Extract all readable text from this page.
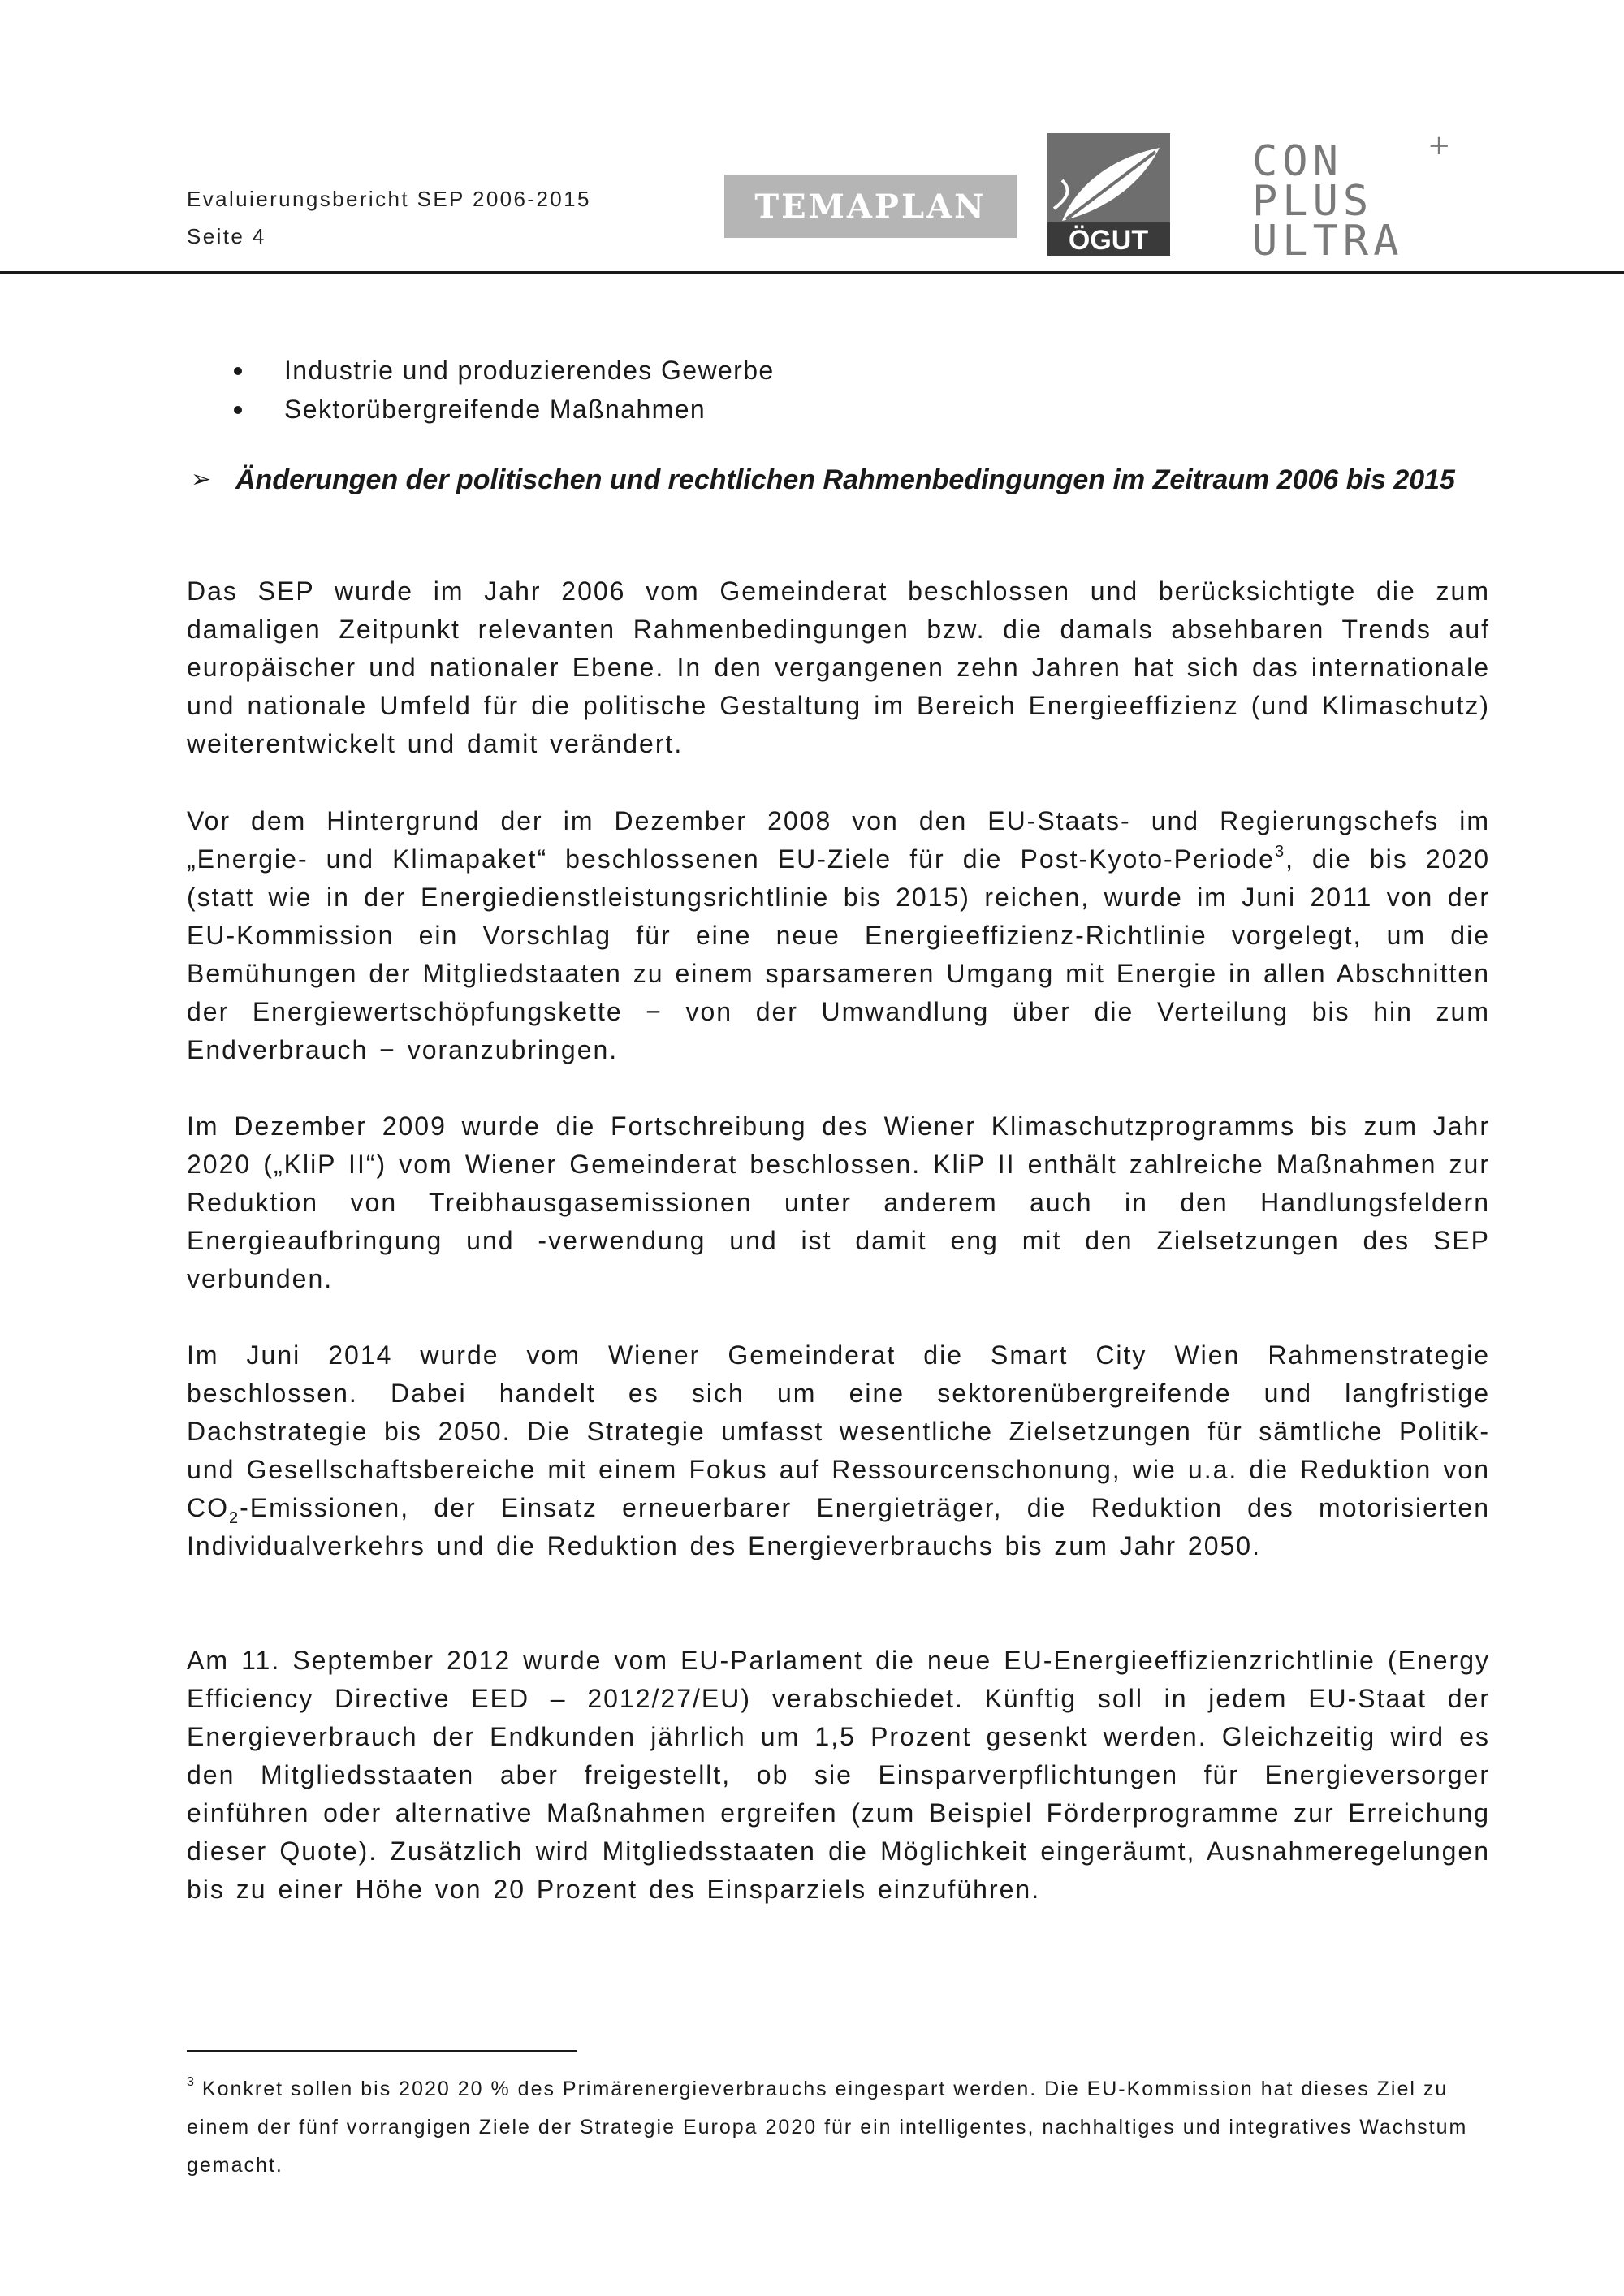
Evaluierungsbericht SEP 2006-2015
Seite 4
TEMAPLAN
ÖGUT
CON
PLUS
ULTRA
+
Industrie und produzierendes Gewerbe
Sektorübergreifende Maßnahmen
➢ Änderungen der politischen und rechtlichen Rahmenbedingungen im Zeitraum 2006 bis 2015

Das SEP wurde im Jahr 2006 vom Gemeinderat beschlossen und berücksichtigte die zum damaligen Zeitpunkt relevanten Rahmenbedingungen bzw. die damals absehbaren Trends auf europäischer und nationaler Ebene. In den vergangenen zehn Jahren hat sich das internationale und nationale Umfeld für die politische Gestaltung im Bereich Energieeffizienz (und Klimaschutz) weiterentwickelt und damit verändert.

Vor dem Hintergrund der im Dezember 2008 von den EU-Staats- und Regierungschefs im „Energie- und Klimapaket“ beschlossenen EU-Ziele für die Post-Kyoto-Periode$^3$, die bis 2020 (statt wie in der Energiedienstleistungsrichtlinie bis 2015) reichen, wurde im Juni 2011 von der EU-Kommission ein Vorschlag für eine neue Energieeffizienz-Richtlinie vorgelegt, um die Bemühungen der Mitgliedstaaten zu einem sparsameren Umgang mit Energie in allen Abschnitten der Energiewertschöpfungskette − von der Umwandlung über die Verteilung bis hin zum Endverbrauch − voranzubringen.

Im Dezember 2009 wurde die Fortschreibung des Wiener Klimaschutzprogramms bis zum Jahr 2020 („KliP II“) vom Wiener Gemeinderat beschlossen. KliP II enthält zahlreiche Maßnahmen zur Reduktion von Treibhausgasemissionen unter anderem auch in den Handlungsfeldern Energieaufbringung und -verwendung und ist damit eng mit den Zielsetzungen des SEP verbunden.

Im Juni 2014 wurde vom Wiener Gemeinderat die Smart City Wien Rahmenstrategie beschlossen. Dabei handelt es sich um eine sektorenübergreifende und langfristige Dachstrategie bis 2050. Die Strategie umfasst wesentliche Zielsetzungen für sämtliche Politik- und Gesellschaftsbereiche mit einem Fokus auf Ressourcenschonung, wie u.a. die Reduktion von $CO_2$-Emissionen, der Einsatz erneuerbarer Energieträger, die Reduktion des motorisierten Individualverkehrs und die Reduktion des Energieverbrauchs bis zum Jahr 2050.

Am 11. September 2012 wurde vom EU-Parlament die neue EU-Energieeffizienzrichtlinie (Energy Efficiency Directive EED – 2012/27/EU) verabschiedet. Künftig soll in jedem EU-Staat der Energieverbrauch der Endkunden jährlich um 1,5 Prozent gesenkt werden. Gleichzeitig wird es den Mitgliedsstaaten aber freigestellt, ob sie Einsparverpflichtungen für Energieversorger einführen oder alternative Maßnahmen ergreifen (zum Beispiel Förderprogramme zur Erreichung dieser Quote). Zusätzlich wird Mitgliedsstaaten die Möglichkeit eingeräumt, Ausnahmeregelungen bis zu einer Höhe von 20 Prozent des Einsparziels einzuführen.

$^3$ Konkret sollen bis 2020 20 % des Primärenergieverbrauchs eingespart werden. Die EU-Kommission hat dieses Ziel zu einem der fünf vorrangigen Ziele der Strategie Europa 2020 für ein intelligentes, nachhaltiges und integratives Wachstum gemacht.
